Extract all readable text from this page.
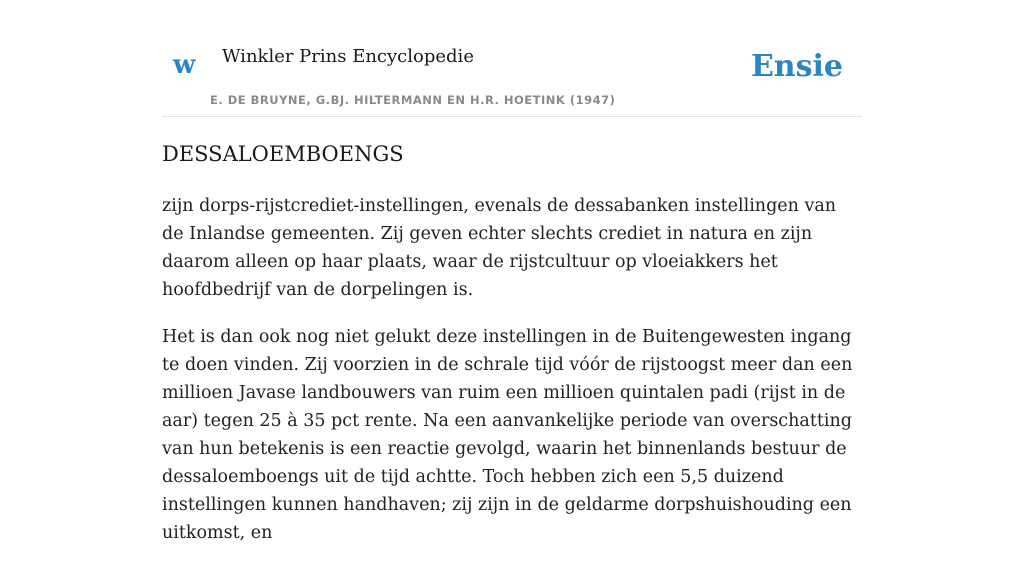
w Winkler Prins Encyclopedie
E. DE BRUYNE, G.BJ. HILTERMANN EN H.R. HOETINK (1947)
Ensie
DESSALOEMBOENGS

zijn dorps-rijstcrediet-instellingen, evenals de dessabanken instellingen van de Inlandse gemeenten. Zij geven echter slechts crediet in natura en zijn daarom alleen op haar plaats, waar de rijstcultuur op vloeiakkers het hoofdbedrijf van de dorpelingen is.

Het is dan ook nog niet gelukt deze instellingen in de Buitengewesten ingang te doen vinden. Zij voorzien in de schrale tijd vóór de rijstoogst meer dan een millioen Javase landbouwers van ruim een millioen quintalen padi (rijst in de aar) tegen 25 à 35 pct rente. Na een aanvankelijke periode van overschatting van hun betekenis is een reactie gevolgd, waarin het binnenlands bestuur de dessaloemboengs uit de tijd achtte. Toch hebben zich een 5,5 duizend instellingen kunnen handhaven; zij zijn in de geldarme dorpshuishouding een uitkomst, en
